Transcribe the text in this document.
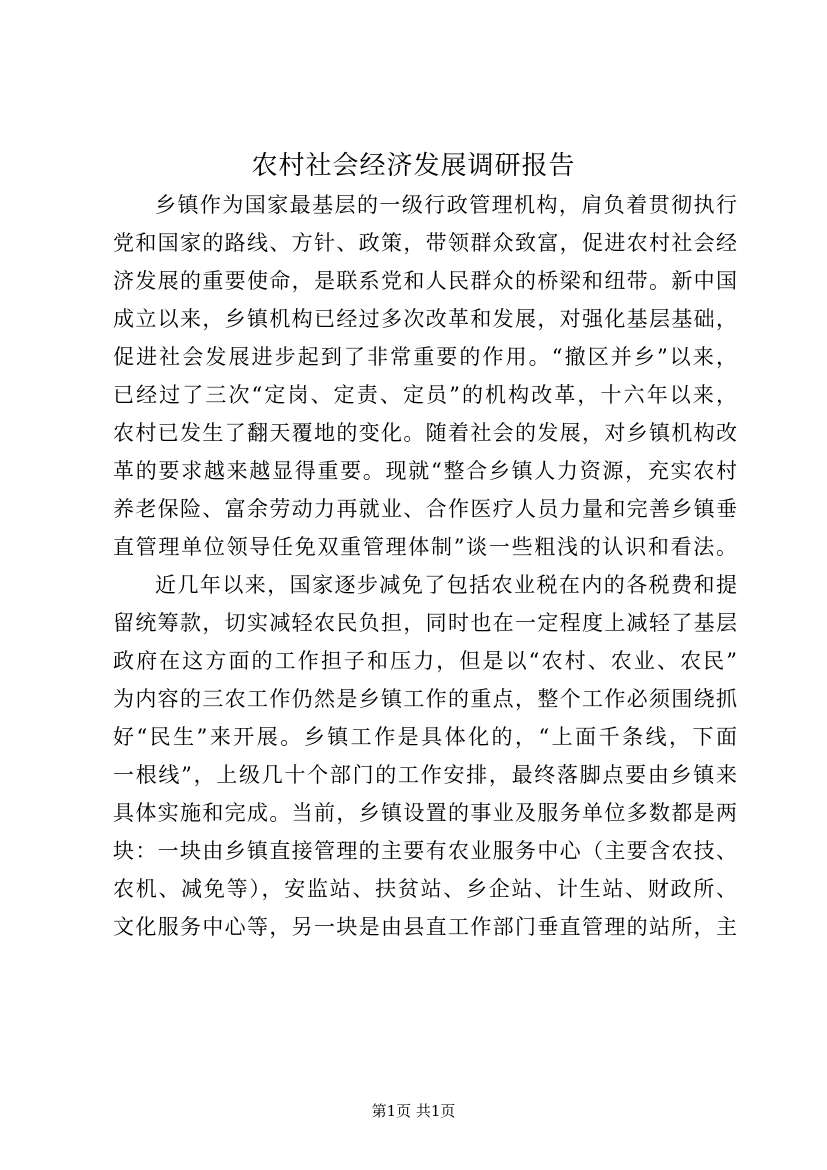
农村社会经济发展调研报告
乡镇作为国家最基层的一级行政管理机构，肩负着贯彻执行
党和国家的路线、方针、政策，带领群众致富，促进农村社会经
济发展的重要使命，是联系党和人民群众的桥梁和纽带。新中国
成立以来，乡镇机构已经过多次改革和发展，对强化基层基础，
促进社会发展进步起到了非常重要的作用。“撤区并乡”以来，
已经过了三次“定岗、定责、定员”的机构改革，十六年以来，
农村已发生了翻天覆地的变化。随着社会的发展，对乡镇机构改
革的要求越来越显得重要。现就“整合乡镇人力资源，充实农村
养老保险、富余劳动力再就业、合作医疗人员力量和完善乡镇垂
直管理单位领导任免双重管理体制”谈一些粗浅的认识和看法。
近几年以来，国家逐步减免了包括农业税在内的各税费和提
留统筹款，切实减轻农民负担，同时也在一定程度上减轻了基层
政府在这方面的工作担子和压力，但是以“农村、农业、农民”
为内容的三农工作仍然是乡镇工作的重点，整个工作必须围绕抓
好“民生”来开展。乡镇工作是具体化的，“上面千条线，下面
一根线”，上级几十个部门的工作安排，最终落脚点要由乡镇来
具体实施和完成。当前，乡镇设置的事业及服务单位多数都是两
块：一块由乡镇直接管理的主要有农业服务中心（主要含农技、
农机、减免等），安监站、扶贫站、乡企站、计生站、财政所、
文化服务中心等，另一块是由县直工作部门垂直管理的站所，主
第1页 共1页
